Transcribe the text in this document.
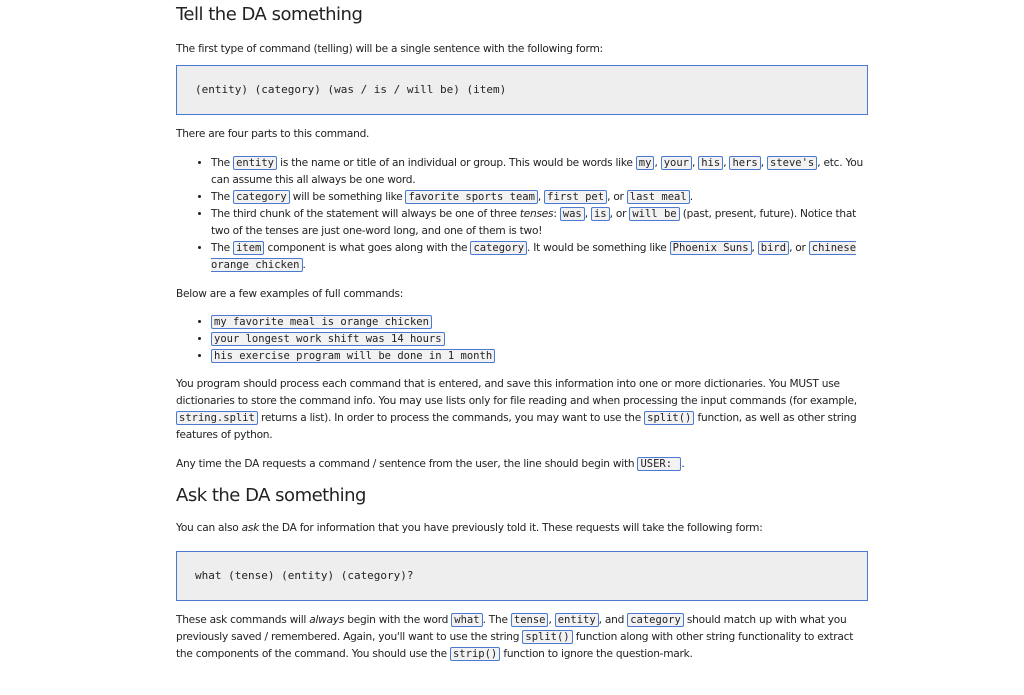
Tell the DA something

The first type of command (telling) will be a single sentence with the following form:

(entity) (category) (was / is / will be) (item)

There are four parts to this command.

• The entity is the name or title of an individual or group. This would be words like my , your , his , hers , steve's , etc. You can assume this all always be one word.
• The category will be something like favorite sports team , first pet , or last meal .
• The third chunk of the statement will always be one of three tenses: was , is , or will be (past, present, future). Notice that two of the tenses are just one-word long, and one of them is two!
• The item component is what goes along with the category . It would be something like Phoenix Suns , bird , or chinese orange chicken .

Below are a few examples of full commands:

• my favorite meal is orange chicken
• your longest work shift was 14 hours
• his exercise program will be done in 1 month

You program should process each command that is entered, and save this information into one or more dictionaries. You MUST use dictionaries to store the command info. You may use lists only for file reading and when processing the input commands (for example, string.split returns a list). In order to process the commands, you may want to use the split() function, as well as other string features of python.

Any time the DA requests a command / sentence from the user, the line should begin with USER: .

Ask the DA something

You can also ask the DA for information that you have previously told it. These requests will take the following form:

what (tense) (entity) (category)?

These ask commands will always begin with the word what . The tense , entity , and category should match up with what you previously saved / remembered. Again, you'll want to use the string split() function along with other string functionality to extract the components of the command. You should use the strip() function to ignore the question-mark.
